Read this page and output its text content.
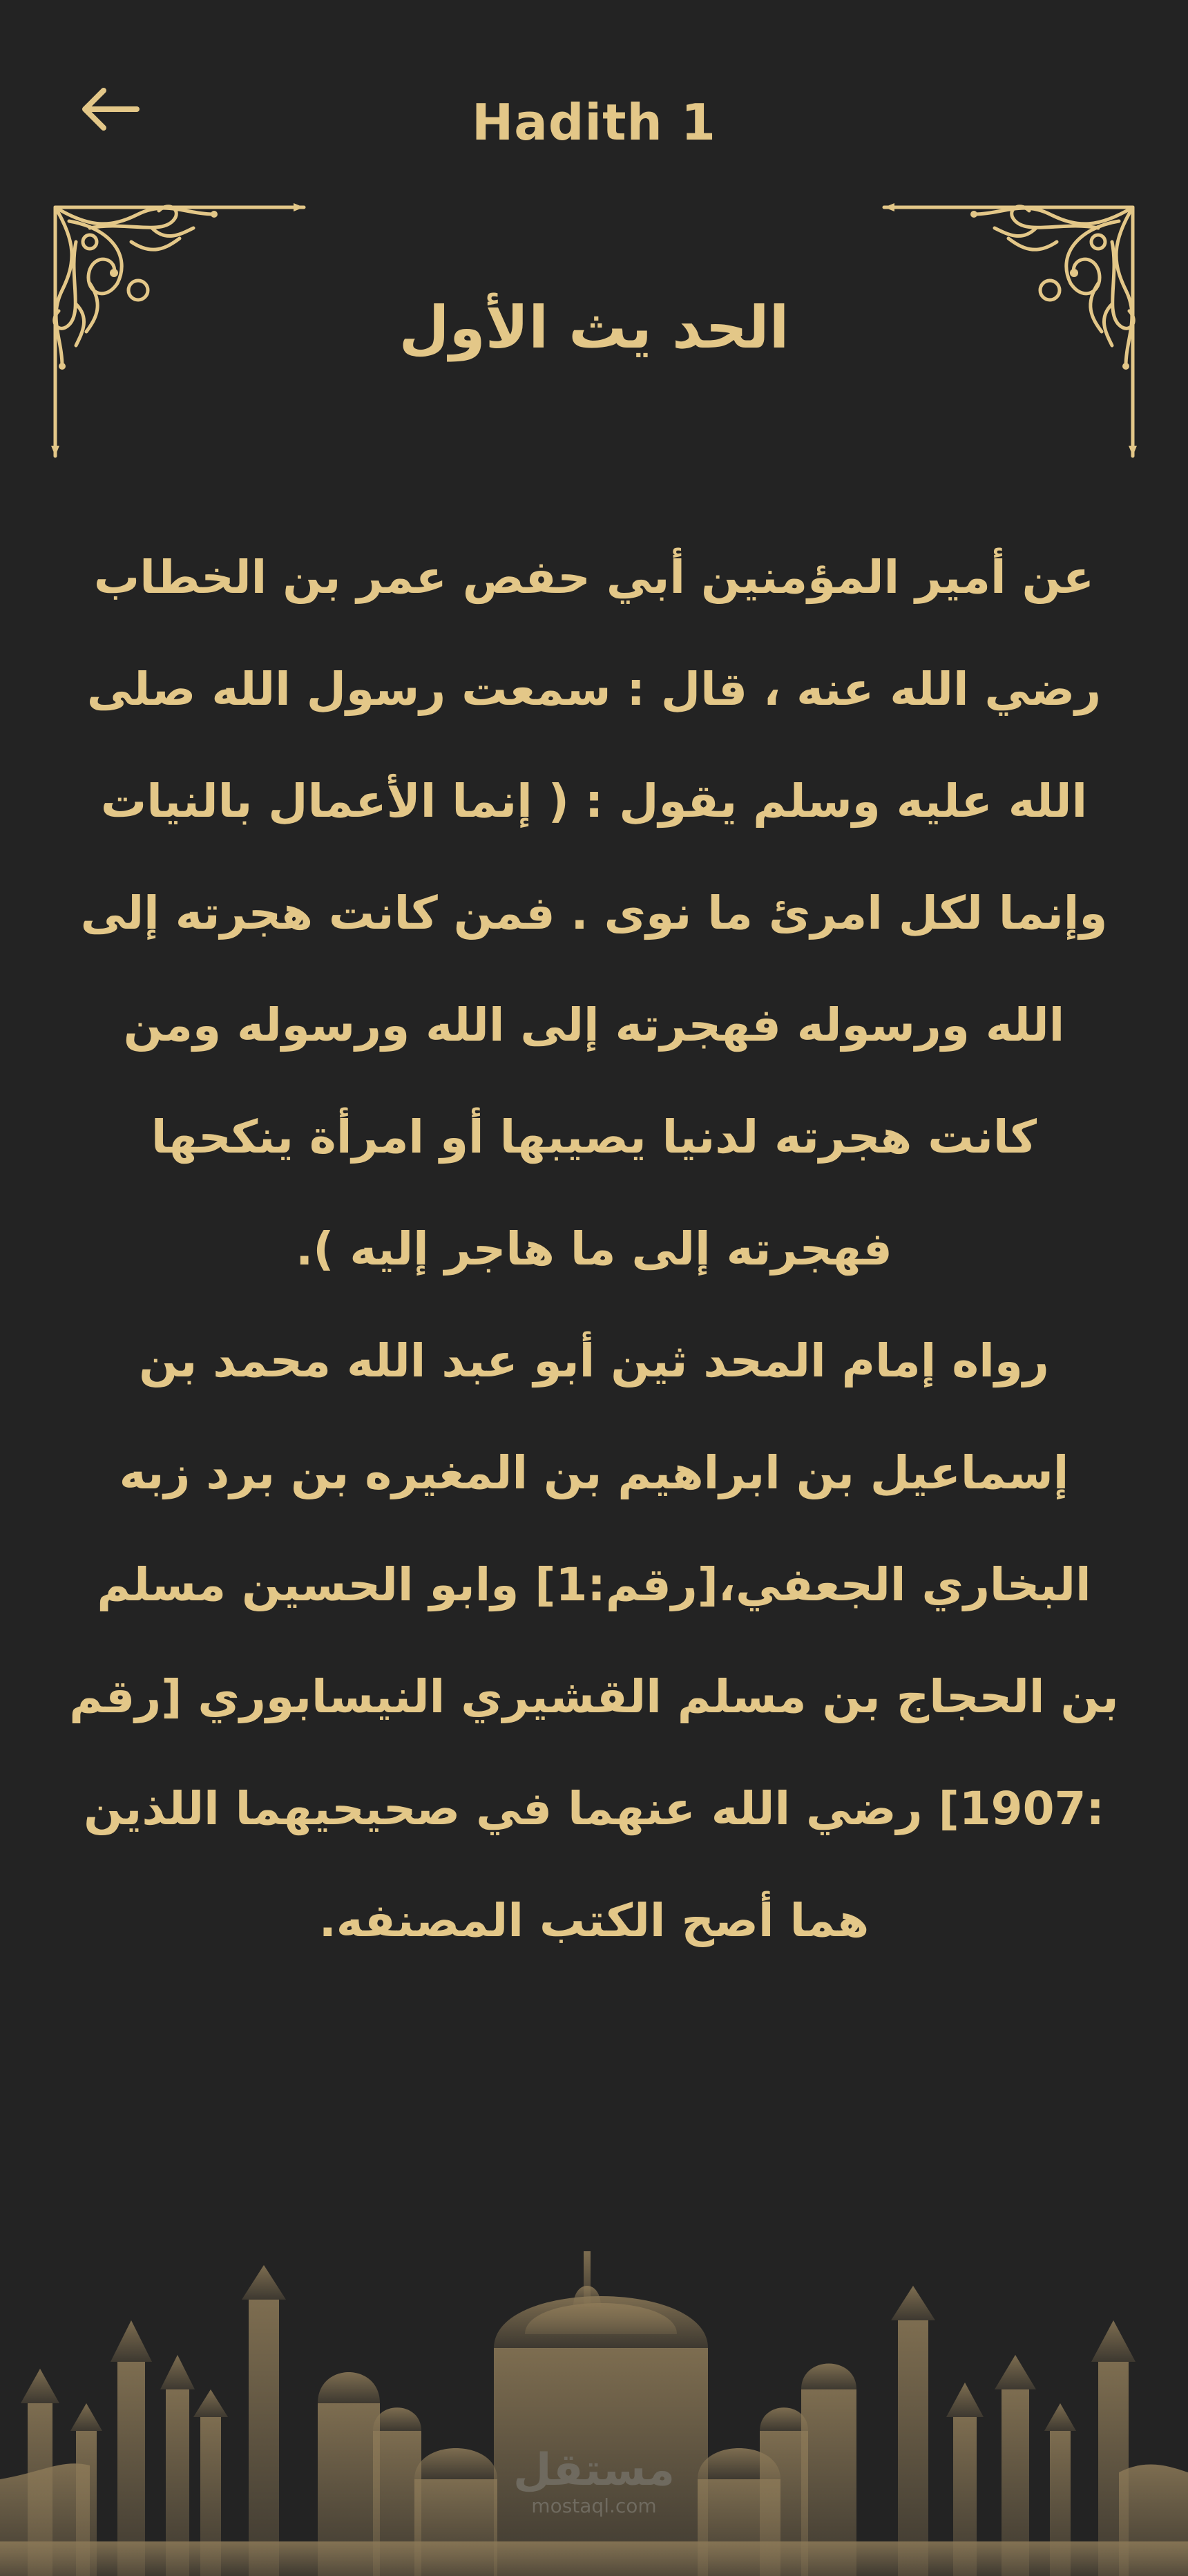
Hadith 1
الحد يث الأول

عن أمير المؤمنين أبي حفص عمر بن الخطاب رضي الله عنه ، قال : سمعت رسول الله صلى الله عليه وسلم يقول : ( إنما الأعمال بالنيات وإنما لكل امرئ ما نوى . فمن كانت هجرته إلى الله ورسوله فهجرته إلى الله ورسوله ومن كانت هجرته لدنيا يصيبها أو امرأة ينكحها فهجرته إلى ما هاجر إليه ).

رواه إمام المحد ثين أبو عبد الله محمد بن إسماعيل بن ابراهيم بن المغيره بن برد زبه البخاري الجعفي،[رقم:1] وابو الحسين مسلم بن الحجاج بن مسلم القشيري النيسابوري [رقم :1907] رضي الله عنهما في صحيحيهما اللذين هما أصح الكتب المصنفه.

مستقل
mostaql.com
